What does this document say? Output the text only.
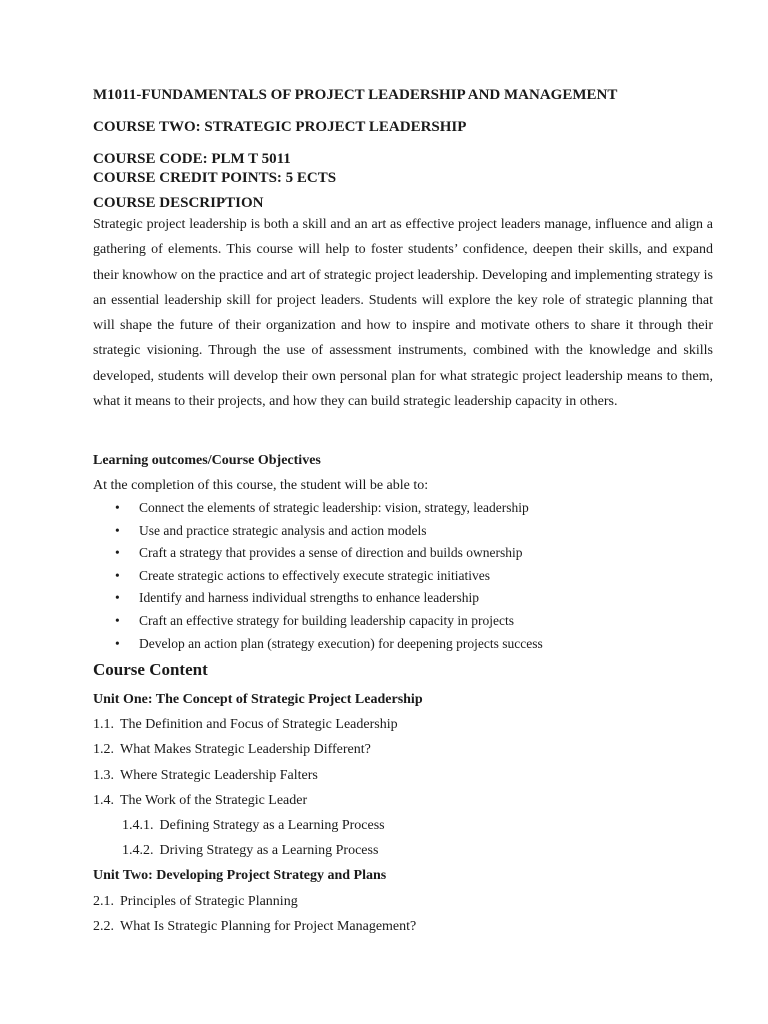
M1011-FUNDAMENTALS OF PROJECT LEADERSHIP AND MANAGEMENT

COURSE TWO: STRATEGIC PROJECT LEADERSHIP

COURSE CODE: PLM T 5011

COURSE CREDIT POINTS: 5 ECTS

COURSE DESCRIPTION

Strategic project leadership is both a skill and an art as effective project leaders manage, influence and align a gathering of elements. This course will help to foster students’ confidence, deepen their skills, and expand their knowhow on the practice and art of strategic project leadership. Developing and implementing strategy is an essential leadership skill for project leaders. Students will explore the key role of strategic planning that will shape the future of their organization and how to inspire and motivate others to share it through their strategic visioning. Through the use of assessment instruments, combined with the knowledge and skills developed, students will develop their own personal plan for what strategic project leadership means to them, what it means to their projects, and how they can build strategic leadership capacity in others.

Learning outcomes/Course Objectives

At the completion of this course, the student will be able to:

• Connect the elements of strategic leadership: vision, strategy, leadership
• Use and practice strategic analysis and action models
• Craft a strategy that provides a sense of direction and builds ownership
• Create strategic actions to effectively execute strategic initiatives
• Identify and harness individual strengths to enhance leadership
• Craft an effective strategy for building leadership capacity in projects
• Develop an action plan (strategy execution) for deepening projects success

Course Content

Unit One: The Concept of Strategic Project Leadership
1.1. The Definition and Focus of Strategic Leadership
1.2. What Makes Strategic Leadership Different?
1.3. Where Strategic Leadership Falters
1.4. The Work of the Strategic Leader
1.4.1. Defining Strategy as a Learning Process
1.4.2. Driving Strategy as a Learning Process
Unit Two: Developing Project Strategy and Plans
2.1. Principles of Strategic Planning
2.2. What Is Strategic Planning for Project Management?
